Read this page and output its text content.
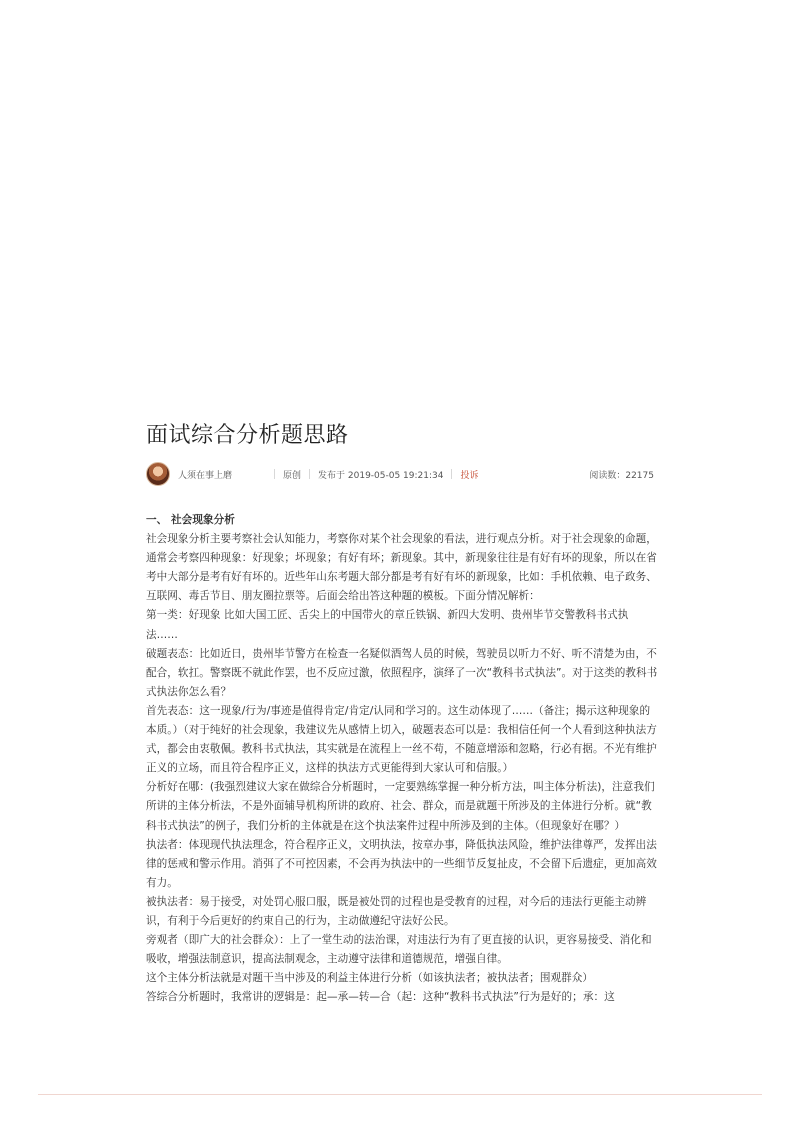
面试综合分析题思路
人须在事上磨	原创 发布于 2019-05-05 19:21:34 投诉	阅读数：22175

一、 社会现象分析

社会现象分析主要考察社会认知能力，考察你对某个社会现象的看法，进行观点分析。对于社会现象的命题，通常会考察四种现象：好现象；坏现象；有好有坏；新现象。其中，新现象往往是有好有坏的现象，所以在省考中大部分是考有好有坏的。近些年山东考题大部分都是考有好有坏的新现象，比如：手机依赖、电子政务、互联网、毒舌节目、朋友圈拉票等。后面会给出答这种题的模板。下面分情况解析：

第一类：好现象 比如大国工匠、舌尖上的中国带火的章丘铁锅、新四大发明、贵州毕节交警教科书式执法……

破题表态：比如近日，贵州毕节警方在检查一名疑似酒驾人员的时候，驾驶员以听力不好、听不清楚为由，不配合，软扛。警察既不就此作罢，也不反应过激，依照程序，演绎了一次“教科书式执法”。对于这类的教科书式执法你怎么看？

首先表态：这一现象/行为/事迹是值得肯定/肯定/认同和学习的。这生动体现了……（备注；揭示这种现象的本质。）（对于纯好的社会现象，我建议先从感情上切入，破题表态可以是：我相信任何一个人看到这种执法方式，都会由衷敬佩。教科书式执法，其实就是在流程上一丝不苟，不随意增添和忽略，行必有据。不光有维护正义的立场，而且符合程序正义，这样的执法方式更能得到大家认可和信服。）

分析好在哪：(我强烈建议大家在做综合分析题时，一定要熟练掌握一种分析方法，叫主体分析法)，注意我们所讲的主体分析法，不是外面辅导机构所讲的政府、社会、群众，而是就题干所涉及的主体进行分析。就“教科书式执法”的例子，我们分析的主体就是在这个执法案件过程中所涉及到的主体。（但现象好在哪？）

执法者：体现现代执法理念，符合程序正义，文明执法，按章办事，降低执法风险，维护法律尊严，发挥出法律的惩戒和警示作用。消弭了不可控因素，不会再为执法中的一些细节反复扯皮，不会留下后遗症，更加高效有力。

被执法者：易于接受，对处罚心服口服，既是被处罚的过程也是受教育的过程，对今后的违法行更能主动辨识，有利于今后更好的约束自己的行为，主动做遵纪守法好公民。

旁观者（即广大的社会群众）：上了一堂生动的法治课，对违法行为有了更直接的认识，更容易接受、消化和吸收，增强法制意识，提高法制观念，主动遵守法律和道德规范，增强自律。

这个主体分析法就是对题干当中涉及的利益主体进行分析（如该执法者；被执法者；围观群众）

答综合分析题时，我常讲的逻辑是：起—承—转—合（起：这种“教科书式执法”行为是好的；承：这
